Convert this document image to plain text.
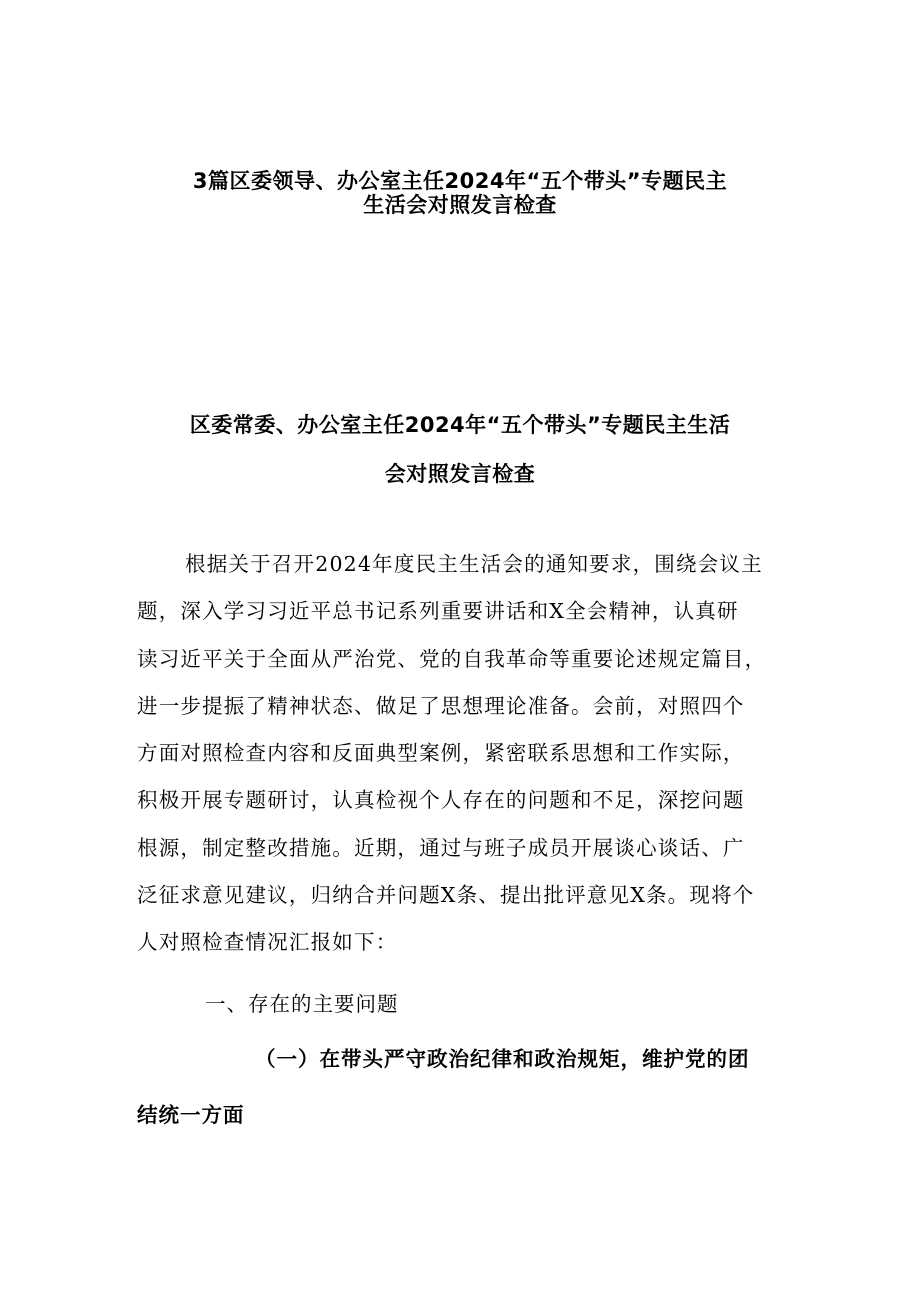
3篇区委领导、办公室主任2024年“五个带头”专题民主
生活会对照发言检查
区委常委、办公室主任2024年“五个带头”专题民主生活
会对照发言检查
根据关于召开2024年度民主生活会的通知要求，围绕会议主
题，深入学习习近平总书记系列重要讲话和X全会精神，认真研
读习近平关于全面从严治党、党的自我革命等重要论述规定篇目，
进一步提振了精神状态、做足了思想理论准备。会前，对照四个
方面对照检查内容和反面典型案例，紧密联系思想和工作实际，
积极开展专题研讨，认真检视个人存在的问题和不足，深挖问题
根源，制定整改措施。近期，通过与班子成员开展谈心谈话、广
泛征求意见建议，归纳合并问题X条、提出批评意见X条。现将个
人对照检查情况汇报如下：
一、存在的主要问题
（一）在带头严守政治纪律和政治规矩，维护党的团
结统一方面
